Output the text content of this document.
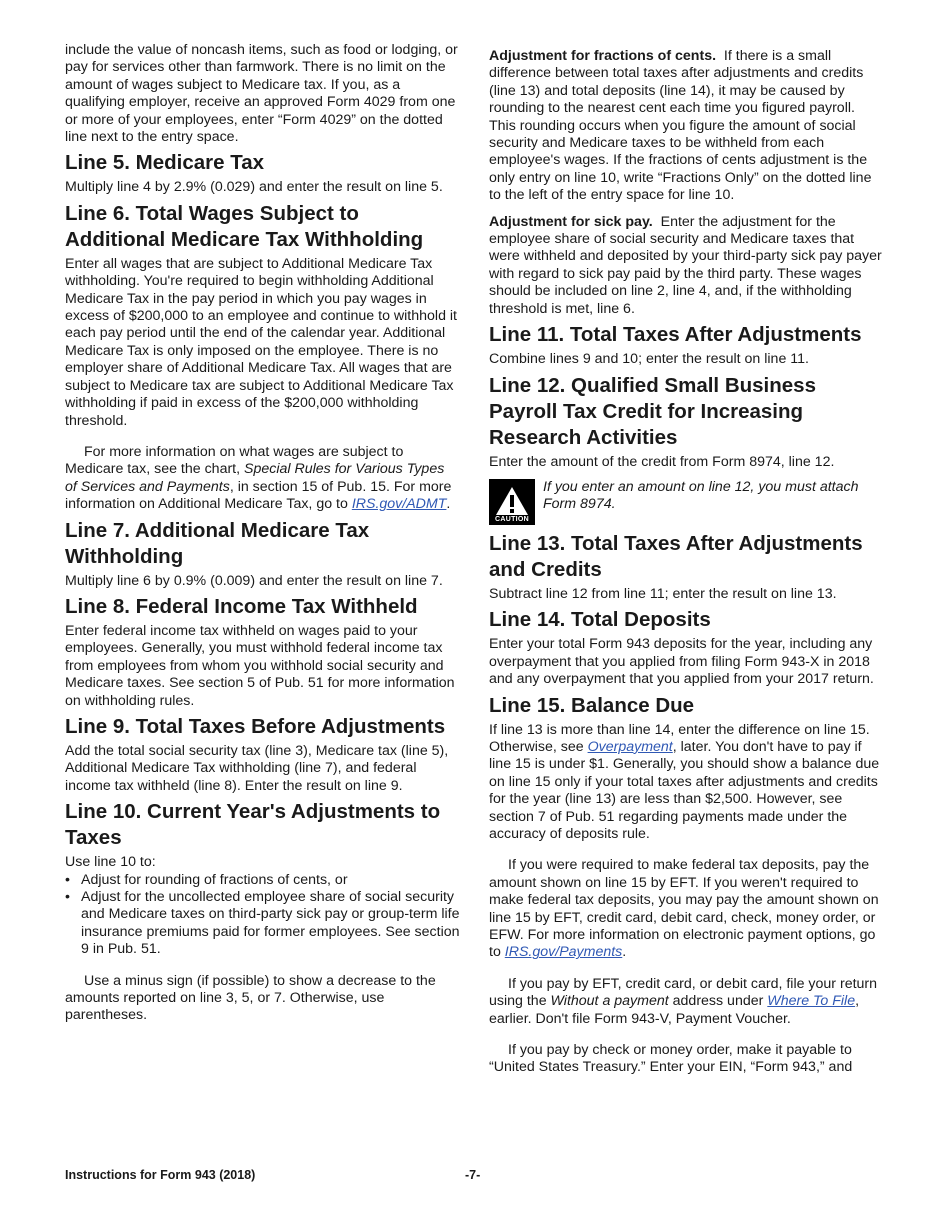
include the value of noncash items, such as food or lodging, or pay for services other than farmwork. There is no limit on the amount of wages subject to Medicare tax. If you, as a qualifying employer, receive an approved Form 4029 from one or more of your employees, enter “Form 4029” on the dotted line next to the entry space.

Line 5. Medicare Tax

Multiply line 4 by 2.9% (0.029) and enter the result on line 5.

Line 6. Total Wages Subject to Additional Medicare Tax Withholding

Enter all wages that are subject to Additional Medicare Tax withholding. You're required to begin withholding Additional Medicare Tax in the pay period in which you pay wages in excess of $200,000 to an employee and continue to withhold it each pay period until the end of the calendar year. Additional Medicare Tax is only imposed on the employee. There is no employer share of Additional Medicare Tax. All wages that are subject to Medicare tax are subject to Additional Medicare Tax withholding if paid in excess of the $200,000 withholding threshold.

For more information on what wages are subject to Medicare tax, see the chart, Special Rules for Various Types of Services and Payments, in section 15 of Pub. 15. For more information on Additional Medicare Tax, go to IRS.gov/ADMT.

Line 7. Additional Medicare Tax Withholding

Multiply line 6 by 0.9% (0.009) and enter the result on line 7.

Line 8. Federal Income Tax Withheld

Enter federal income tax withheld on wages paid to your employees. Generally, you must withhold federal income tax from employees from whom you withhold social security and Medicare taxes. See section 5 of Pub. 51 for more information on withholding rules.

Line 9. Total Taxes Before Adjustments

Add the total social security tax (line 3), Medicare tax (line 5), Additional Medicare Tax withholding (line 7), and federal income tax withheld (line 8). Enter the result on line 9.

Line 10. Current Year's Adjustments to Taxes

Use line 10 to:

• Adjust for rounding of fractions of cents, or
• Adjust for the uncollected employee share of social security and Medicare taxes on third-party sick pay or group-term life insurance premiums paid for former employees. See section 9 in Pub. 51.

Use a minus sign (if possible) to show a decrease to the amounts reported on line 3, 5, or 7. Otherwise, use parentheses.

Adjustment for fractions of cents. If there is a small difference between total taxes after adjustments and credits (line 13) and total deposits (line 14), it may be caused by rounding to the nearest cent each time you figured payroll. This rounding occurs when you figure the amount of social security and Medicare taxes to be withheld from each employee's wages. If the fractions of cents adjustment is the only entry on line 10, write “Fractions Only” on the dotted line to the left of the entry space for line 10.

Adjustment for sick pay. Enter the adjustment for the employee share of social security and Medicare taxes that were withheld and deposited by your third-party sick pay payer with regard to sick pay paid by the third party. These wages should be included on line 2, line 4, and, if the withholding threshold is met, line 6.

Line 11. Total Taxes After Adjustments

Combine lines 9 and 10; enter the result on line 11.

Line 12. Qualified Small Business Payroll Tax Credit for Increasing Research Activities

Enter the amount of the credit from Form 8974, line 12.

CAUTION
If you enter an amount on line 12, you must attach Form 8974.
Line 13. Total Taxes After Adjustments and Credits

Subtract line 12 from line 11; enter the result on line 13.

Line 14. Total Deposits

Enter your total Form 943 deposits for the year, including any overpayment that you applied from filing Form 943-X in 2018 and any overpayment that you applied from your 2017 return.

Line 15. Balance Due

If line 13 is more than line 14, enter the difference on line 15. Otherwise, see Overpayment, later. You don't have to pay if line 15 is under $1. Generally, you should show a balance due on line 15 only if your total taxes after adjustments and credits for the year (line 13) are less than $2,500. However, see section 7 of Pub. 51 regarding payments made under the accuracy of deposits rule.

If you were required to make federal tax deposits, pay the amount shown on line 15 by EFT. If you weren't required to make federal tax deposits, you may pay the amount shown on line 15 by EFT, credit card, debit card, check, money order, or EFW. For more information on electronic payment options, go to IRS.gov/Payments.

If you pay by EFT, credit card, or debit card, file your return using the Without a payment address under Where To File, earlier. Don't file Form 943-V, Payment Voucher.

If you pay by check or money order, make it payable to “United States Treasury.” Enter your EIN, “Form 943,” and

Instructions for Form 943 (2018)	-7-
